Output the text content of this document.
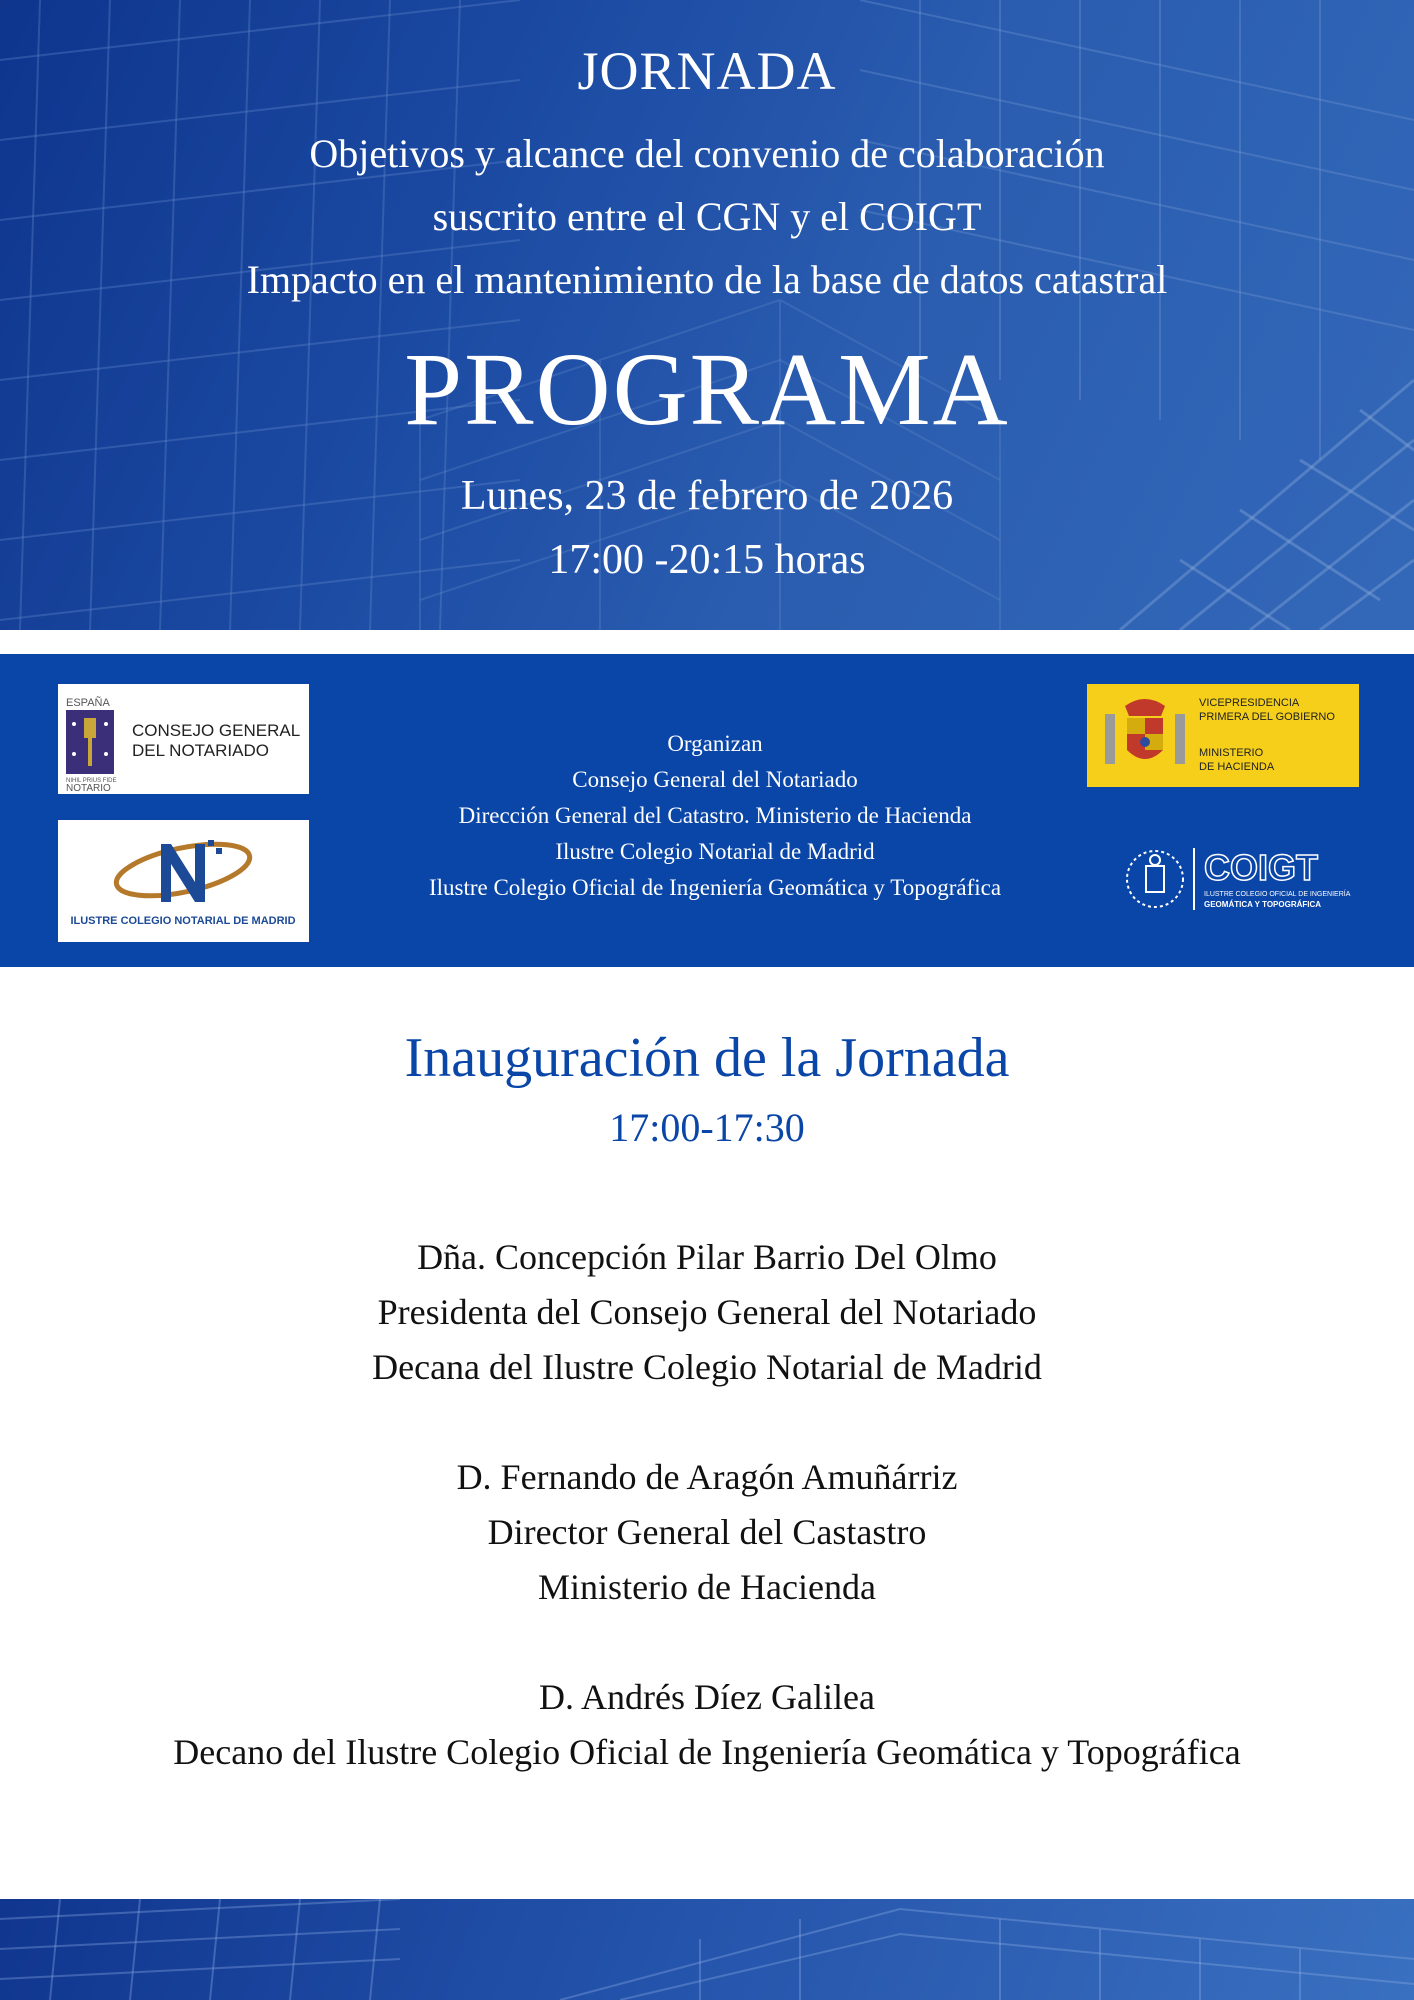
JORNADA
Objetivos y alcance del convenio de colaboración
suscrito entre el CGN y el COIGT
Impacto en el mantenimiento de la base de datos catastral
PROGRAMA
Lunes, 23 de febrero de 2026
17:00 -20:15 horas
ESPAÑA
NIHIL PRIUS FIDE
NOTARIO
CONSEJO GENERAL
DEL NOTARIADO
ILUSTRE COLEGIO NOTARIAL DE MADRID
Organizan
Consejo General del Notariado
Dirección General del Catastro. Ministerio de Hacienda
Ilustre Colegio Notarial de Madrid
Ilustre Colegio Oficial de Ingeniería Geomática y Topográfica
VICEPRESIDENCIA
PRIMERA DEL GOBIERNO
MINISTERIO
DE HACIENDA
COIGT
ILUSTRE COLEGIO OFICIAL DE INGENIERÍA
GEOMÁTICA Y TOPOGRÁFICA
Inauguración de la Jornada
17:00-17:30

Dña. Concepción Pilar Barrio Del Olmo

Presidenta del Consejo General del Notariado

Decana del Ilustre Colegio Notarial de Madrid

D. Fernando de Aragón Amuñárriz

Director General del Castastro

Ministerio de Hacienda

D. Andrés Díez Galilea

Decano del Ilustre Colegio Oficial de Ingeniería Geomática y Topográfica
